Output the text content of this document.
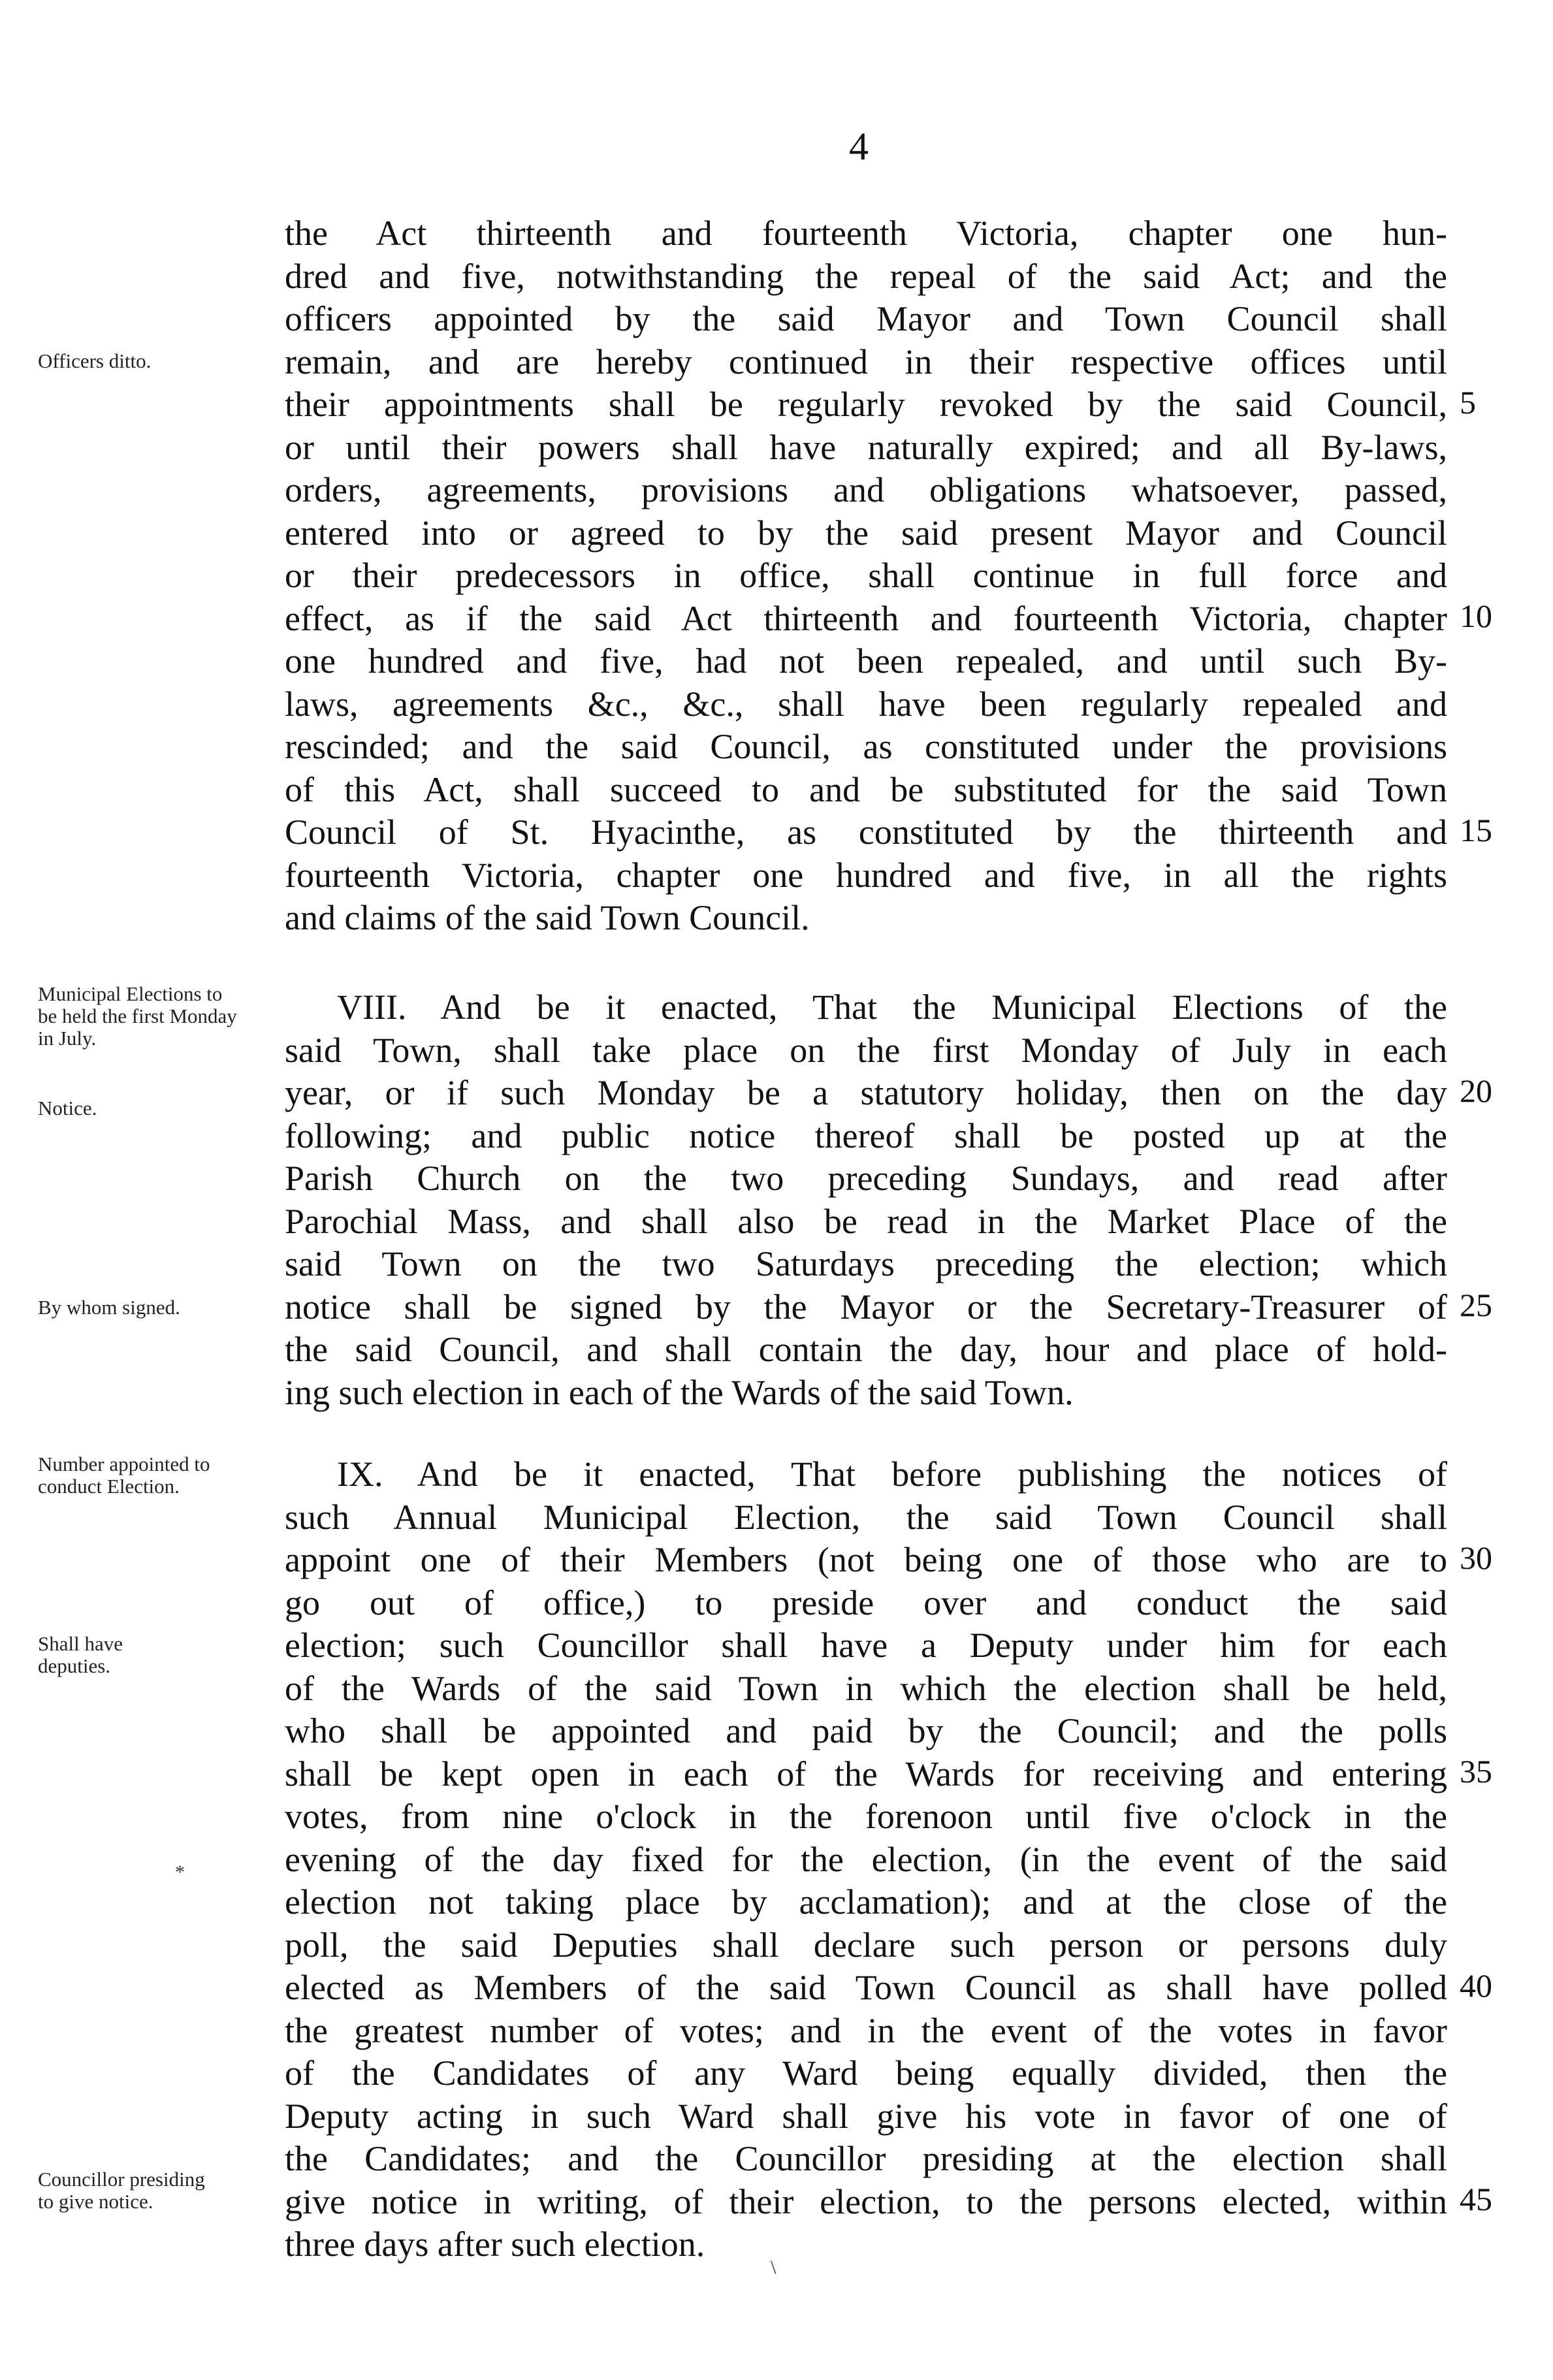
4
the Act thirteenth and fourteenth Victoria, chapter one hun-
dred and five, notwithstanding the repeal of the said Act; and the
officers appointed by the said Mayor and Town Council shall
remain, and are hereby continued in their respective offices until
their appointments shall be regularly revoked by the said Council,
or until their powers shall have naturally expired; and all By-laws,
orders, agreements, provisions and obligations whatsoever, passed,
entered into or agreed to by the said present Mayor and Council
or their predecessors in office, shall continue in full force and
effect, as if the said Act thirteenth and fourteenth Victoria, chapter
one hundred and five, had not been repealed, and until such By-
laws, agreements &c., &c., shall have been regularly repealed and
rescinded; and the said Council, as constituted under the provisions
of this Act, shall succeed to and be substituted for the said Town
Council of St. Hyacinthe, as constituted by the thirteenth and
fourteenth Victoria, chapter one hundred and five, in all the rights
and claims of the said Town Council.
VIII. And be it enacted, That the Municipal Elections of the
said Town, shall take place on the first Monday of July in each
year, or if such Monday be a statutory holiday, then on the day
following; and public notice thereof shall be posted up at the
Parish Church on the two preceding Sundays, and read after
Parochial Mass, and shall also be read in the Market Place of the
said Town on the two Saturdays preceding the election; which
notice shall be signed by the Mayor or the Secretary-Treasurer of
the said Council, and shall contain the day, hour and place of hold-
ing such election in each of the Wards of the said Town.
IX. And be it enacted, That before publishing the notices of
such Annual Municipal Election, the said Town Council shall
appoint one of their Members (not being one of those who are to
go out of office,) to preside over and conduct the said
election; such Councillor shall have a Deputy under him for each
of the Wards of the said Town in which the election shall be held,
who shall be appointed and paid by the Council; and the polls
shall be kept open in each of the Wards for receiving and entering
votes, from nine o'clock in the forenoon until five o'clock in the
evening of the day fixed for the election, (in the event of the said
election not taking place by acclamation); and at the close of the
poll, the said Deputies shall declare such person or persons duly
elected as Members of the said Town Council as shall have polled
the greatest number of votes; and in the event of the votes in favor
of the Candidates of any Ward being equally divided, then the
Deputy acting in such Ward shall give his vote in favor of one of
the Candidates; and the Councillor presiding at the election shall
give notice in writing, of their election, to the persons elected, within
three days after such election.
Officers ditto.
Municipal Elections to be held the first Monday in July.
Notice.
By whom signed.
Number appointed to conduct Election.
Shall have deputies.
Councillor presiding to give notice.
5
10
15
20
25
30
35
40
45
*
\
